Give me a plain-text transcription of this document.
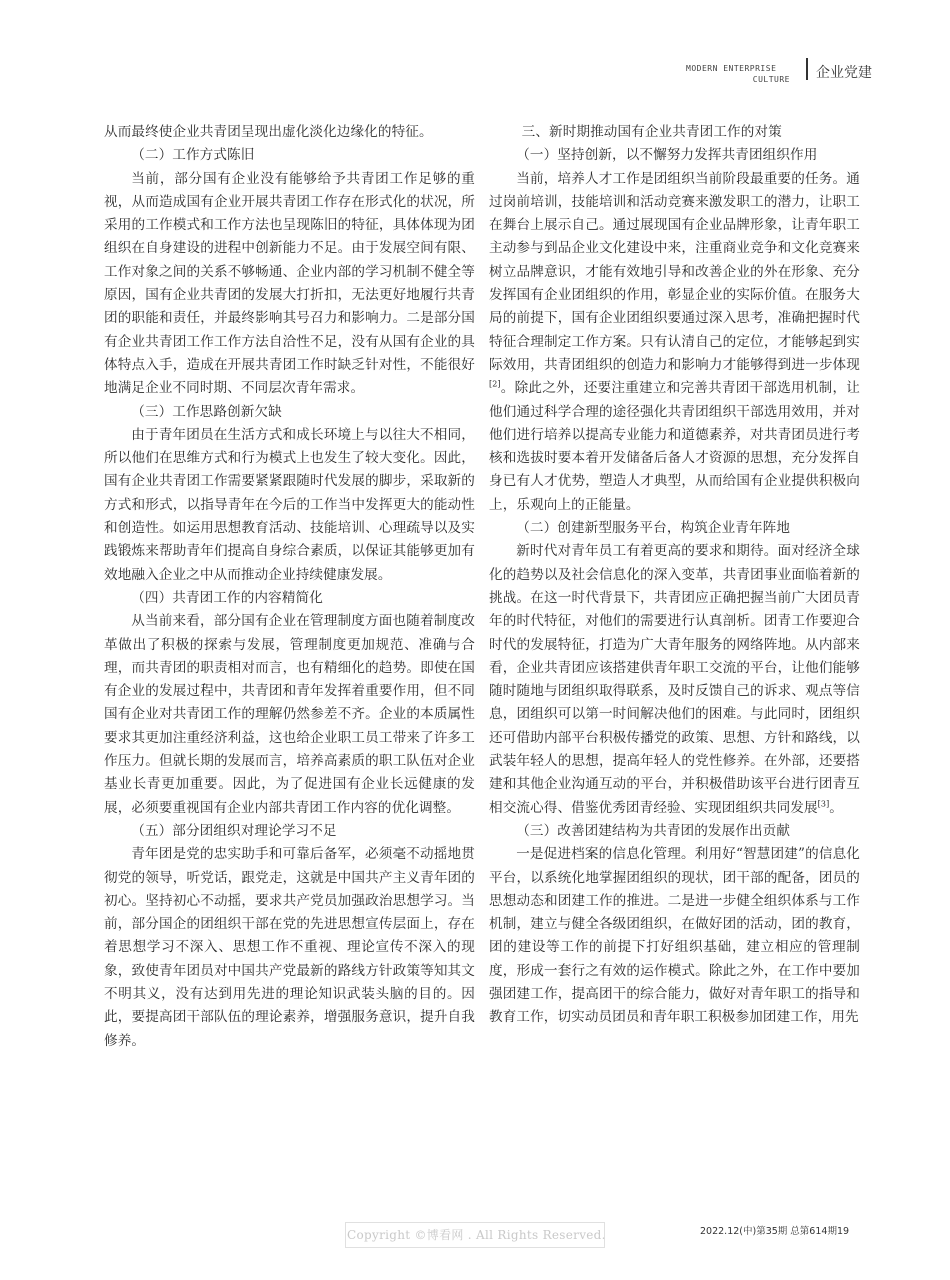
MODERN ENTERPRISE
CULTURE 企业党建

从而最终使企业共青团呈现出虚化淡化边缘化的特征。

（二）工作方式陈旧

当前，部分国有企业没有能够给予共青团工作足够的重视，从而造成国有企业开展共青团工作存在形式化的状况，所采用的工作模式和工作方法也呈现陈旧的特征，具体体现为团组织在自身建设的进程中创新能力不足。由于发展空间有限、工作对象之间的关系不够畅通、企业内部的学习机制不健全等原因，国有企业共青团的发展大打折扣，无法更好地履行共青团的职能和责任，并最终影响其号召力和影响力。二是部分国有企业共青团工作工作方法自洽性不足，没有从国有企业的具体特点入手，造成在开展共青团工作时缺乏针对性，不能很好地满足企业不同时期、不同层次青年需求。

（三）工作思路创新欠缺

由于青年团员在生活方式和成长环境上与以往大不相同，所以他们在思维方式和行为模式上也发生了较大变化。因此，国有企业共青团工作需要紧紧跟随时代发展的脚步，采取新的方式和形式，以指导青年在今后的工作当中发挥更大的能动性和创造性。如运用思想教育活动、技能培训、心理疏导以及实践锻炼来帮助青年们提高自身综合素质，以保证其能够更加有效地融入企业之中从而推动企业持续健康发展。

（四）共青团工作的内容精简化

从当前来看，部分国有企业在管理制度方面也随着制度改革做出了积极的探索与发展，管理制度更加规范、准确与合理，而共青团的职责相对而言，也有精细化的趋势。即使在国有企业的发展过程中，共青团和青年发挥着重要作用，但不同国有企业对共青团工作的理解仍然参差不齐。企业的本质属性要求其更加注重经济利益，这也给企业职工员工带来了许多工作压力。但就长期的发展而言，培养高素质的职工队伍对企业基业长青更加重要。因此，为了促进国有企业长远健康的发展，必须要重视国有企业内部共青团工作内容的优化调整。

（五）部分团组织对理论学习不足

青年团是党的忠实助手和可靠后备军，必须毫不动摇地贯彻党的领导，听党话，跟党走，这就是中国共产主义青年团的初心。坚持初心不动摇，要求共产党员加强政治思想学习。当前，部分国企的团组织干部在党的先进思想宣传层面上，存在着思想学习不深入、思想工作不重视、理论宣传不深入的现象，致使青年团员对中国共产党最新的路线方针政策等知其文不明其义，没有达到用先进的理论知识武装头脑的目的。因此，要提高团干部队伍的理论素养，增强服务意识，提升自我修养。

三、新时期推动国有企业共青团工作的对策

（一）坚持创新，以不懈努力发挥共青团组织作用

当前，培养人才工作是团组织当前阶段最重要的任务。通过岗前培训，技能培训和活动竞赛来激发职工的潜力，让职工在舞台上展示自己。通过展现国有企业品牌形象，让青年职工主动参与到品企业文化建设中来，注重商业竞争和文化竞赛来树立品牌意识，才能有效地引导和改善企业的外在形象、充分发挥国有企业团组织的作用，彰显企业的实际价值。在服务大局的前提下，国有企业团组织要通过深入思考，准确把握时代特征合理制定工作方案。只有认清自己的定位，才能够起到实际效用，共青团组织的创造力和影响力才能够得到进一步体现[2]。除此之外，还要注重建立和完善共青团干部选用机制，让他们通过科学合理的途径强化共青团组织干部选用效用，并对他们进行培养以提高专业能力和道德素养，对共青团员进行考核和选拔时要本着开发储备后备人才资源的思想，充分发挥自身已有人才优势，塑造人才典型，从而给国有企业提供积极向上，乐观向上的正能量。

（二）创建新型服务平台，构筑企业青年阵地

新时代对青年员工有着更高的要求和期待。面对经济全球化的趋势以及社会信息化的深入变革，共青团事业面临着新的挑战。在这一时代背景下，共青团应正确把握当前广大团员青年的时代特征，对他们的需要进行认真剖析。团青工作要迎合时代的发展特征，打造为广大青年服务的网络阵地。从内部来看，企业共青团应该搭建供青年职工交流的平台，让他们能够随时随地与团组织取得联系，及时反馈自己的诉求、观点等信息，团组织可以第一时间解决他们的困难。与此同时，团组织还可借助内部平台积极传播党的政策、思想、方针和路线，以武装年轻人的思想，提高年轻人的党性修养。在外部，还要搭建和其他企业沟通互动的平台，并积极借助该平台进行团青互相交流心得、借鉴优秀团青经验、实现团组织共同发展[3]。

（三）改善团建结构为共青团的发展作出贡献

一是促进档案的信息化管理。利用好“智慧团建”的信息化平台，以系统化地掌握团组织的现状，团干部的配备，团员的思想动态和团建工作的推进。二是进一步健全组织体系与工作机制，建立与健全各级团组织，在做好团的活动，团的教育，团的建设等工作的前提下打好组织基础，建立相应的管理制度，形成一套行之有效的运作模式。除此之外，在工作中要加强团建工作，提高团干的综合能力，做好对青年职工的指导和教育工作，切实动员团员和青年职工积极参加团建工作，用先

Copyright ©博看网 . All Rights Reserved.	2022.12(中)第35期 总第614期19
